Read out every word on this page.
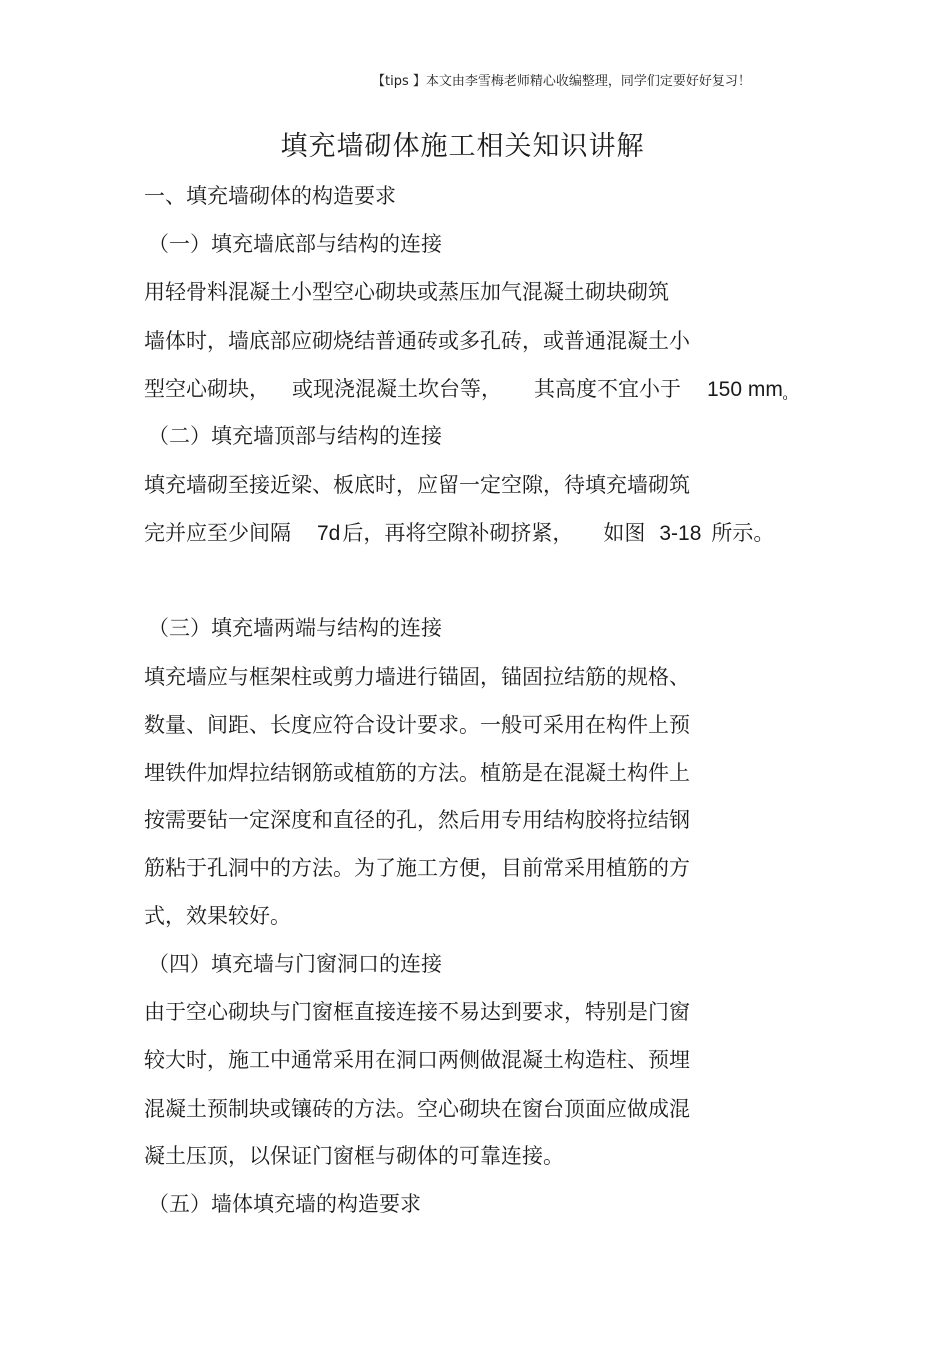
【tips 】本文由李雪梅老师精心收编整理，同学们定要好好复习！
填充墙砌体施工相关知识讲解
一、填充墙砌体的构造要求
（一）填充墙底部与结构的连接
用轻骨料混凝土小型空心砌块或蒸压加气混凝土砌块砌筑
墙体时，墙底部应砌烧结普通砖或多孔砖，或普通混凝土小
型空心砌块， 或现浇混凝土坎台等， 其高度不宜小于 150 mmo
（二）填充墙顶部与结构的连接
填充墙砌至接近梁、板底时，应留一定空隙，待填充墙砌筑
完并应至少间隔 7d后，再将空隙补砌挤紧， 如图 3-18 所示。
（三）填充墙两端与结构的连接
填充墙应与框架柱或剪力墙进行锚固，锚固拉结筋的规格、
数量、间距、长度应符合设计要求。一般可采用在构件上预
埋铁件加焊拉结钢筋或植筋的方法。植筋是在混凝土构件上
按需要钻一定深度和直径的孔，然后用专用结构胶将拉结钢
筋粘于孔洞中的方法。为了施工方便，目前常采用植筋的方
式，效果较好。
（四）填充墙与门窗洞口的连接
由于空心砌块与门窗框直接连接不易达到要求，特别是门窗
较大时，施工中通常采用在洞口两侧做混凝土构造柱、预埋
混凝土预制块或镶砖的方法。空心砌块在窗台顶面应做成混
凝土压顶，以保证门窗框与砌体的可靠连接。
（五）墙体填充墙的构造要求
